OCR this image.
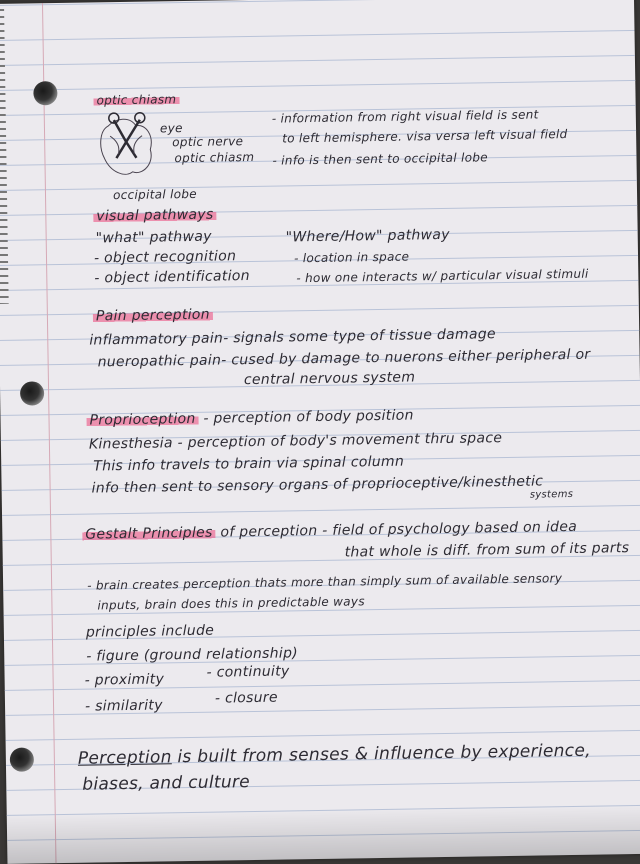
optic chiasm
eye
optic nerve
optic chiasm
occipital lobe
- information from right visual field is sent
to left hemisphere. visa versa left visual field
- info is then sent to occipital lobe
visual pathways
"what" pathway
- object recognition
- object identification
"Where/How" pathway
- location in space
- how one interacts w/ particular visual stimuli
Pain perception
inflammatory pain- signals some type of tissue damage
nueropathic pain- cused by damage to nuerons either peripheral or
central nervous system
Proprioception - perception of body position
Kinesthesia - perception of body's movement thru space
This info travels to brain via spinal column
info then sent to sensory organs of proprioceptive/kinesthetic
systems
Gestalt Principles of perception - field of psychology based on idea
that whole is diff. from sum of its parts
- brain creates perception thats more than simply sum of available sensory
inputs, brain does this in predictable ways
principles include
- figure (ground relationship)
- proximity	- continuity
- similarity	- closure
Perception is built from senses & influence by experience,
biases, and culture
